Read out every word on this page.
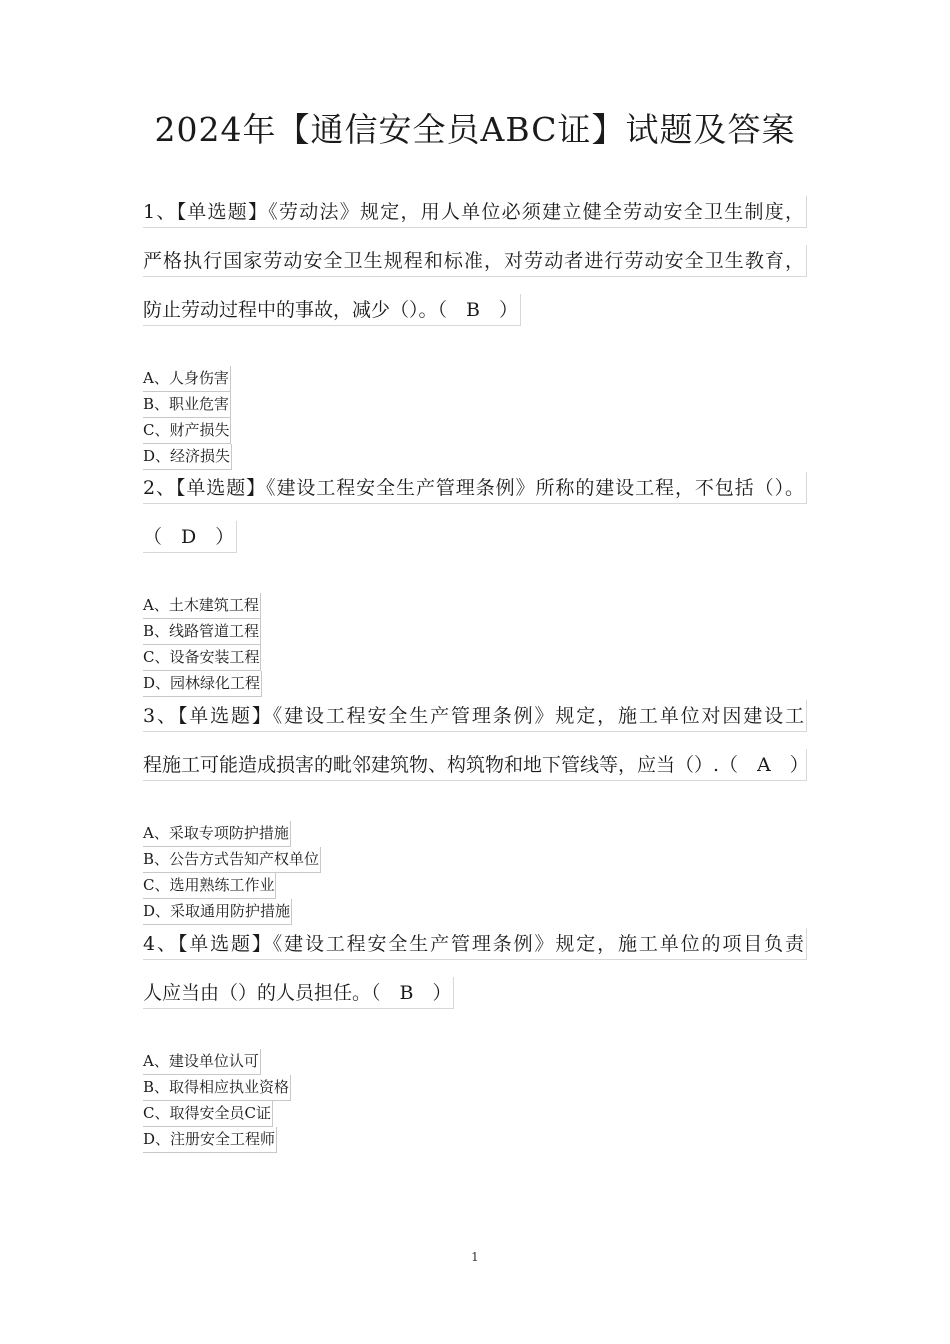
2024年【通信安全员ABC证】试题及答案
1、【单选题】《劳动法》规定，用人单位必须建立健全劳动安全卫生制度，
严格执行国家劳动安全卫生规程和标准，对劳动者进行劳动安全卫生教育，
防止劳动过程中的事故，减少（）。（　B　）
A、人身伤害
B、职业危害
C、财产损失
D、经济损失
2、【单选题】《建设工程安全生产管理条例》所称的建设工程，不包括（）。
（　D　）
A、土木建筑工程
B、线路管道工程
C、设备安装工程
D、园林绿化工程
3、【单选题】《建设工程安全生产管理条例》规定，施工单位对因建设工
程施工可能造成损害的毗邻建筑物、构筑物和地下管线等，应当（）.（　A　）
A、采取专项防护措施
B、公告方式告知产权单位
C、选用熟练工作业
D、采取通用防护措施
4、【单选题】《建设工程安全生产管理条例》规定，施工单位的项目负责
人应当由（）的人员担任。（　B　）
A、建设单位认可
B、取得相应执业资格
C、取得安全员C证
D、注册安全工程师
1
